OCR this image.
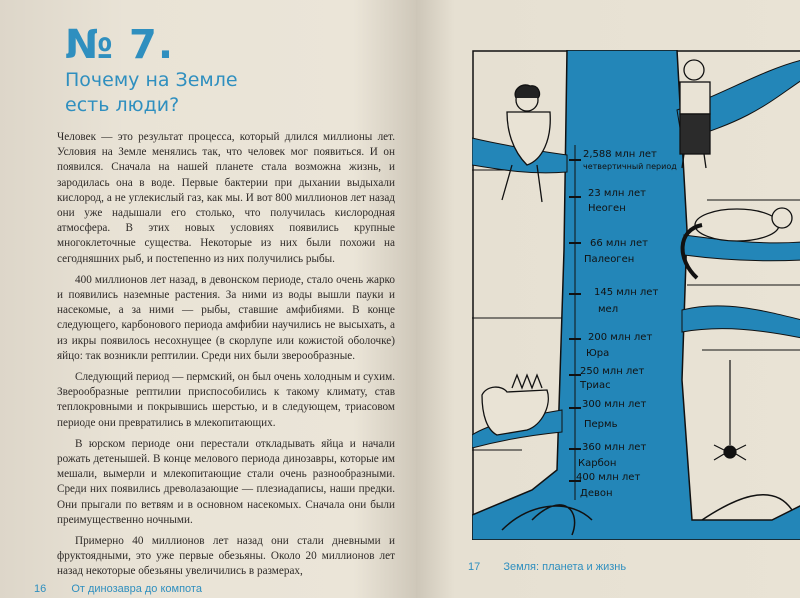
№ 7.
Почему на Земле
есть люди?

Человек — это результат процесса, который длился миллионы лет. Условия на Земле менялись так, что человек мог появиться. И он появился. Сначала на нашей планете стала возможна жизнь, и зародилась она в воде. Первые бактерии при дыхании выдыхали кислород, а не углекислый газ, как мы. И вот 800 миллионов лет назад они уже надышали его столько, что получилась кислородная атмосфера. В этих новых условиях появились крупные многоклеточные существа. Некоторые из них были похожи на сегодняшних рыб, и постепенно из них получились рыбы.

400 миллионов лет назад, в девонском периоде, стало очень жарко и появились наземные растения. За ними из воды вышли пауки и насекомые, а за ними — рыбы, ставшие амфибиями. В конце следующего, карбонового периода амфибии научились не высыхать, а из икры появилось несохнущее (в скорлупе или кожистой оболочке) яйцо: так возникли рептилии. Среди них были зверообразные.

Следующий период — пермский, он был очень холодным и сухим. Зверообразные рептилии приспособились к такому климату, став теплокровными и покрывшись шерстью, и в следующем, триасовом периоде они превратились в млекопитающих.

В юрском периоде они перестали откладывать яйца и начали рожать детенышей. В конце мелового периода динозавры, которые им мешали, вымерли и млекопитающие стали очень разнообразными. Среди них появились древолазающие — плезиадаписы, наши предки. Они прыгали по ветвям и в основном насекомых. Сначала они были преимущественно ночными.

Примерно 40 миллионов лет назад они стали дневными и фруктоядными, это уже первые обезьяны. Около 20 миллионов лет назад некоторые обезьяны увеличились в размерах,

16 От динозавра до компота
2,588 млн лет
четвертичный период
23 млн лет
Неоген
66 млн лет
Палеоген
145 млн лет
мел
200 млн лет
Юра
250 млн лет
Триас
300 млн лет
Пермь
360 млн лет
Карбон
400 млн лет
Девон
17 Земля: планета и жизнь
